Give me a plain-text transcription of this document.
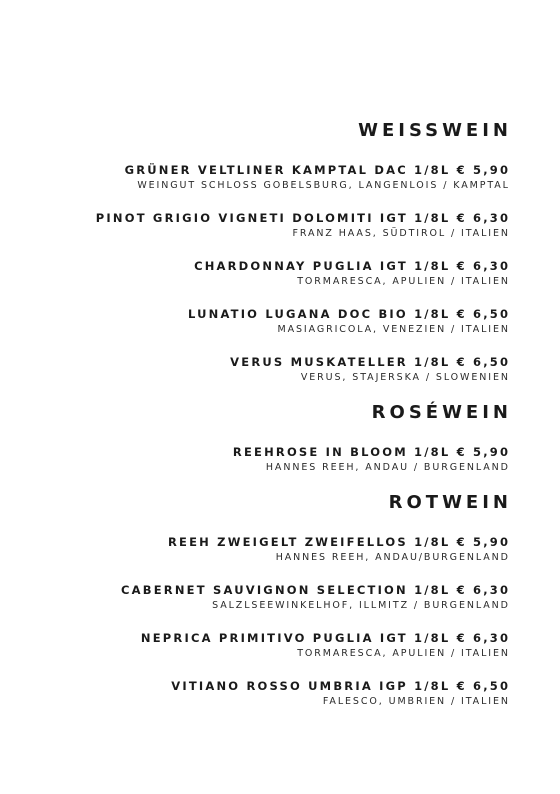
WEISSWEIN
GRÜNER VELTLINER KAMPTAL DAC 1/8L € 5,90
WEINGUT SCHLOSS GOBELSBURG, LANGENLOIS / KAMPTAL
PINOT GRIGIO VIGNETI DOLOMITI IGT 1/8L € 6,30
FRANZ HAAS, SÜDTIROL / ITALIEN
CHARDONNAY PUGLIA IGT 1/8L € 6,30
TORMARESCA, APULIEN / ITALIEN
LUNATIO LUGANA DOC BIO 1/8L € 6,50
MASIAGRICOLA, VENEZIEN / ITALIEN
VERUS MUSKATELLER 1/8L € 6,50
VERUS, STAJERSKA / SLOWENIEN
ROSÉWEIN
REEHROSE IN BLOOM 1/8L € 5,90
HANNES REEH, ANDAU / BURGENLAND
ROTWEIN
REEH ZWEIGELT ZWEIFELLOS 1/8L € 5,90
HANNES REEH, ANDAU/BURGENLAND
CABERNET SAUVIGNON SELECTION 1/8L € 6,30
SALZLSEEWINKELHOF, ILLMITZ / BURGENLAND
NEPRICA PRIMITIVO PUGLIA IGT 1/8L € 6,30
TORMARESCA, APULIEN / ITALIEN
VITIANO ROSSO UMBRIA IGP 1/8L € 6,50
FALESCO, UMBRIEN / ITALIEN
